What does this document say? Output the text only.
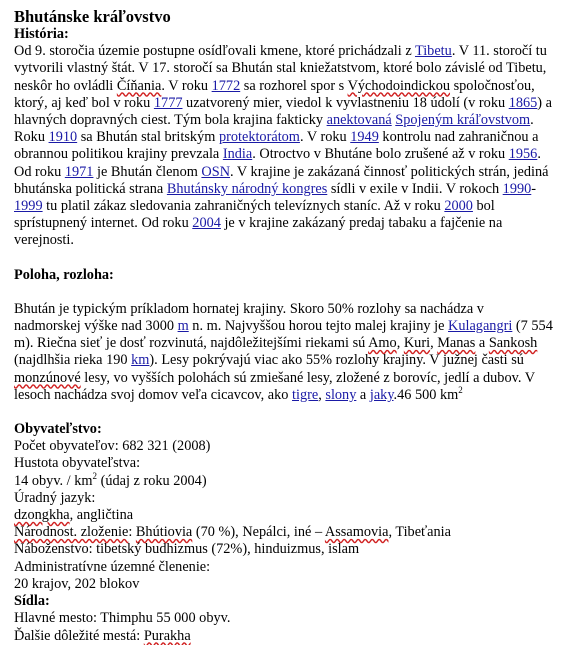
Bhutánske kráľovstvo

História:

Od 9. storočia územie postupne osídľovali kmene, ktoré prichádzali z Tibetu. V 11. storočí tu vytvorili vlastný štát. V 17. storočí sa Bhután stal kniežatstvom, ktoré bolo závislé od Tibetu, neskôr ho ovládli Číňania. V roku 1772 sa rozhorel spor s Východoindickou spoločnosťou, ktorý, aj keď bol v roku 1777 uzatvorený mier, viedol k vyvlastneniu 18 údolí (v roku 1865) a hlavných dopravných ciest. Tým bola krajina fakticky anektovaná Spojeným kráľovstvom. Roku 1910 sa Bhután stal britským protektorátom. V roku 1949 kontrolu nad zahraničnou a obrannou politikou krajiny prevzala India. Otroctvo v Bhutáne bolo zrušené až v roku 1956. Od roku 1971 je Bhután členom OSN. V krajine je zakázaná činnosť politických strán, jediná bhutánska politická strana Bhutánsky národný kongres sídli v exile v Indii. V rokoch 1990-1999 tu platil zákaz sledovania zahraničných televíznych staníc. Až v roku 2000 bol sprístupnený internet. Od roku 2004 je v krajine zakázaný predaj tabaku a fajčenie na verejnosti.

Poloha, rozloha:

Bhután je typickým príkladom hornatej krajiny. Skoro 50% rozlohy sa nachádza v nadmorskej výške nad 3000 m n. m. Najvyššou horou tejto malej krajiny je Kulagangri (7 554 m). Riečna sieť je dosť rozvinutá, najdôležitejšími riekami sú Amo, Kuri, Manas a Sankosh (najdlhšia rieka 190 km). Lesy pokrývajú viac ako 55% rozlohy krajiny. V južnej časti sú monzúnové lesy, vo vyšších polohách sú zmiešané lesy, zložené z borovíc, jedlí a dubov. V lesoch nachádza svoj domov veľa cicavcov, ako tigre, slony a jaky.46 500 $km^2$

Obyvateľstvo:

Počet obyvateľov: 682 321 (2008)

Hustota obyvateľstva:

14 obyv. / $km^2$ (údaj z roku 2004)

Úradný jazyk:

dzongkha, angličtina

Národnost. zloženie: Bhútiovia (70 %), Nepálci, iné – Assamovia, Tibeťania

Náboženstvo: tibetský budhizmus (72%), hinduizmus, islam

Administratívne územné členenie:

20 krajov, 202 blokov

Sídla:

Hlavné mesto: Thimphu 55 000 obyv.

Ďalšie dôležité mestá: Purakha
